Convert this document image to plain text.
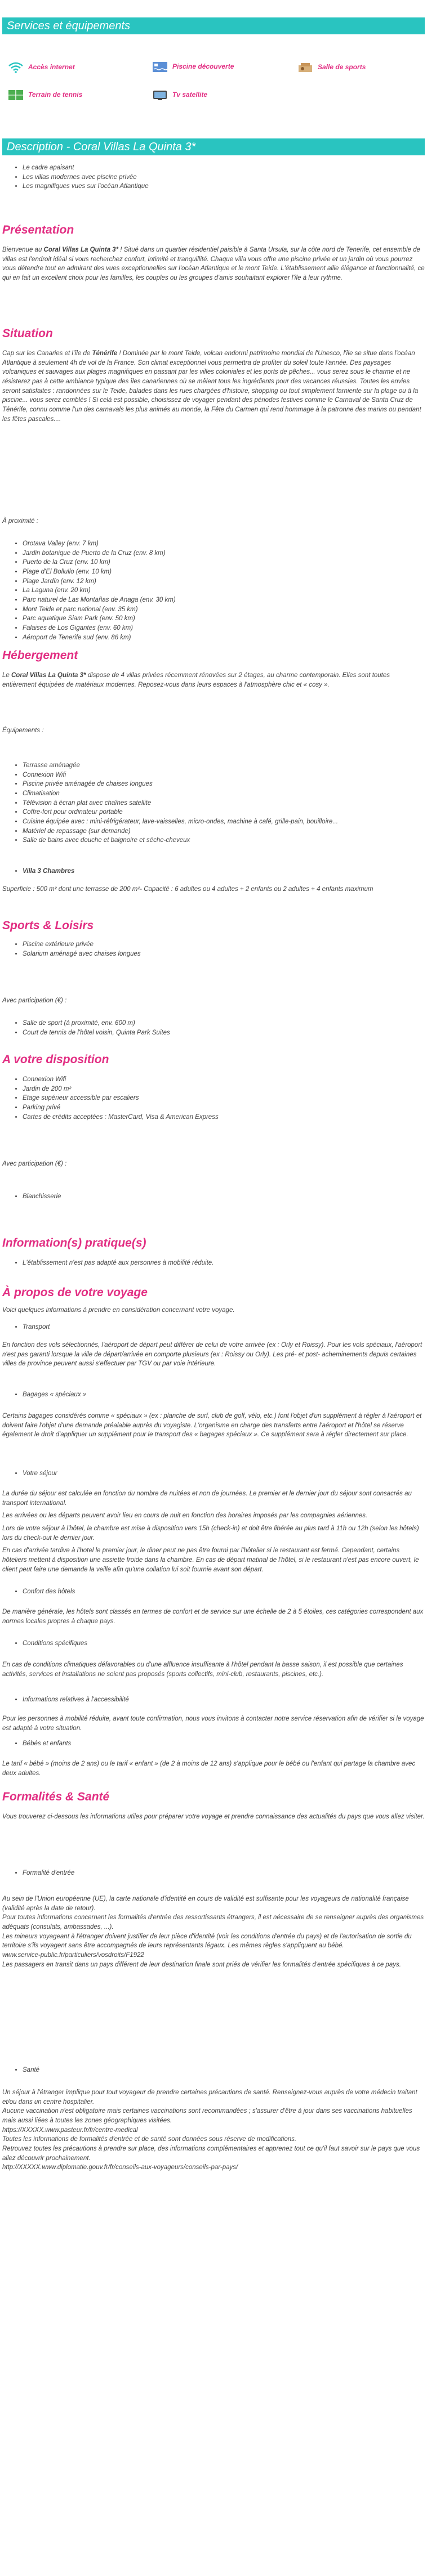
Services et équipements
Accès internet	Piscine découverte	Salle de sports
Terrain de tennis	Tv satellite
Description - Coral Villas La Quinta 3*
• Le cadre apaisant
• Les villas modernes avec piscine privée
• Les magnifiques vues sur l'océan Atlantique
Présentation

Bienvenue au Coral Villas La Quinta 3* ! Situé dans un quartier résidentiel paisible à Santa Ursula, sur la côte nord de Tenerife, cet ensemble de villas est l'endroit idéal si vous recherchez confort, intimité et tranquillité. Chaque villa vous offre une piscine privée et un jardin où vous pourrez vous détendre tout en admirant des vues exceptionnelles sur l'océan Atlantique et le mont Teide. L'établissement allie élégance et fonctionnalité, ce qui en fait un excellent choix pour les familles, les couples ou les groupes d'amis souhaitant explorer l'île à leur rythme.

Situation

Cap sur les Canaries et l'île de Ténérife ! Dominée par le mont Teide, volcan endormi patrimoine mondial de l'Unesco, l'île se situe dans l'océan Atlantique à seulement 4h de vol de la France. Son climat exceptionnel vous permettra de profiter du soleil toute l'année. Des paysages volcaniques et sauvages aux plages magnifiques en passant par les villes coloniales et les ports de pêches... vous serez sous le charme et ne résisterez pas à cette ambiance typique des îles canariennes où se mêlent tous les ingrédients pour des vacances réussies. Toutes les envies seront satisfaites : randonnées sur le Teide, balades dans les rues chargées d'histoire, shopping ou tout simplement farniente sur la plage ou à la piscine... vous serez comblés ! Si celà est possible, choisissez de voyager pendant des périodes festives comme le Carnaval de Santa Cruz de Ténérife, connu comme l'un des carnavals les plus animés au monde, la Fête du Carmen qui rend hommage à la patronne des marins ou pendant les fêtes pascales....

À proximité :
• Orotava Valley (env. 7 km)
• Jardin botanique de Puerto de la Cruz (env. 8 km)
• Puerto de la Cruz (env. 10 km)
• Plage d'El Bollullo (env. 10 km)
• Plage Jardín (env. 12 km)
• La Laguna (env. 20 km)
• Parc naturel de Las Montañas de Anaga (env. 30 km)
• Mont Teide et parc national (env. 35 km)
• Parc aquatique Siam Park (env. 50 km)
• Falaises de Los Gigantes (env. 60 km)
• Aéroport de Tenerife sud (env. 86 km)
Hébergement

Le Coral Villas La Quinta 3* dispose de 4 villas privées récemment rénovées sur 2 étages, au charme contemporain. Elles sont toutes entièrement équipées de matériaux modernes. Reposez-vous dans leurs espaces à l'atmosphère chic et « cosy ».

Équipements :
• Terrasse aménagée
• Connexion Wifi
• Piscine privée aménagée de chaises longues
• Climatisation
• Télévision à écran plat avec chaînes satellite
• Coffre-fort pour ordinateur portable
• Cuisine équipée avec : mini-réfrigérateur, lave-vaisselles, micro-ondes, machine à café, grille-pain, bouilloire...
• Matériel de repassage (sur demande)
• Salle de bains avec douche et baignoire et séche-cheveux
• Villa 3 Chambres
Superficie : 500 m² dont une terrasse de 200 m²- Capacité : 6 adultes ou 4 adultes + 2 enfants ou 2 adultes + 4 enfants maximum
Sports & Loisirs
• Piscine extérieure privée
• Solarium aménagé avec chaises longues
Avec participation (€) :
• Salle de sport (à proximité, env. 600 m)
• Court de tennis de l'hôtel voisin, Quinta Park Suites
A votre disposition
• Connexion Wifi
• Jardin de 200 m²
• Etage supérieur accessible par escaliers
• Parking privé
• Cartes de crédits acceptées : MasterCard, Visa & American Express
Avec participation (€) :
• Blanchisserie
Information(s) pratique(s)
• L'établissement n'est pas adapté aux personnes à mobilité réduite.
À propos de votre voyage
Voici quelques informations à prendre en considération concernant votre voyage.
• Transport
En fonction des vols sélectionnés, l'aéroport de départ peut différer de celui de votre arrivée (ex : Orly et Roissy). Pour les vols spéciaux, l'aéroport n'est pas garanti lorsque la ville de départ/arrivée en comporte plusieurs (ex : Roissy ou Orly). Les pré- et post- acheminements depuis certaines villes de province peuvent aussi s'effectuer par TGV ou par voie intérieure.
• Bagages « spéciaux »
Certains bagages considérés comme « spéciaux » (ex : planche de surf, club de golf, vélo, etc.) font l'objet d'un supplément à régler à l'aéroport et doivent faire l'objet d'une demande préalable auprès du voyagiste. L'organisme en charge des transferts entre l'aéroport et l'hôtel se réserve également le droit d'appliquer un supplément pour le transport des « bagages spéciaux ». Ce supplément sera à régler directement sur place.
• Votre séjour

La durée du séjour est calculée en fonction du nombre de nuitées et non de journées. Le premier et le dernier jour du séjour sont consacrés au transport international.

Les arrivées ou les départs peuvent avoir lieu en cours de nuit en fonction des horaires imposés par les compagnies aériennes.

Lors de votre séjour à l'hôtel, la chambre est mise à disposition vers 15h (check-in) et doit être libérée au plus tard à 11h ou 12h (selon les hôtels) lors du check-out le dernier jour.

En cas d'arrivée tardive à l'hotel le premier jour, le diner peut ne pas être fourni par l'hôtelier si le restaurant est fermé. Cependant, certains hôteliers mettent à disposition une assiette froide dans la chambre. En cas de départ matinal de l'hôtel, si le restaurant n'est pas encore ouvert, le client peut faire une demande la veille afin qu'une collation lui soit fournie avant son départ.

• Confort des hôtels
De manière générale, les hôtels sont classés en termes de confort et de service sur une échelle de 2 à 5 étoiles, ces catégories correspondent aux normes locales propres à chaque pays.
• Conditions spécifiques
En cas de conditions climatiques défavorables ou d'une affluence insuffisante à l'hôtel pendant la basse saison, il est possible que certaines activités, services et installations ne soient pas proposés (sports collectifs, mini-club, restaurants, piscines, etc.).
• Informations relatives à l'accessibilité
Pour les personnes à mobilité réduite, avant toute confirmation, nous vous invitons à contacter notre service réservation afin de vérifier si le voyage est adapté à votre situation.
• Bébés et enfants
Le tarif « bébé » (moins de 2 ans) ou le tarif « enfant » (de 2 à moins de 12 ans) s'applique pour le bébé ou l'enfant qui partage la chambre avec deux adultes.
Formalités & Santé
Vous trouverez ci-dessous les informations utiles pour préparer votre voyage et prendre connaissance des actualités du pays que vous allez visiter.
• Formalité d'entrée
Au sein de l'Union européenne (UE), la carte nationale d'identité en cours de validité est suffisante pour les voyageurs de nationalité française (validité après la date de retour).
Pour toutes informations concernant les formalités d'entrée des ressortissants étrangers, il est nécessaire de se renseigner auprès des organismes adéquats (consulats, ambassades, ...).
Les mineurs voyageant à l'étranger doivent justifier de leur pièce d'identité (voir les conditions d'entrée du pays) et de l'autorisation de sortie du territoire s'ils voyagent sans être accompagnés de leurs représentants légaux. Les mêmes règles s'appliquent au bébé.
www.service-public.fr/particuliers/vosdroits/F1922
Les passagers en transit dans un pays différent de leur destination finale sont priés de vérifier les formalités d'entrée spécifiques à ce pays.
• Santé
Un séjour à l'étranger implique pour tout voyageur de prendre certaines précautions de santé. Renseignez-vous auprès de votre médecin traitant et/ou dans un centre hospitalier.
Aucune vaccination n'est obligatoire mais certaines vaccinations sont recommandées ; s'assurer d'être à jour dans ses vaccinations habituelles mais aussi liées à toutes les zones géographiques visitées.
https://XXXXX.www.pasteur.fr/fr/centre-medical
Toutes les informations de formalités d'entrée et de santé sont données sous réserve de modifications.
Retrouvez toutes les précautions à prendre sur place, des informations complémentaires et apprenez tout ce qu'il faut savoir sur le pays que vous allez découvrir prochainement.
http://XXXXX.www.diplomatie.gouv.fr/fr/conseils-aux-voyageurs/conseils-par-pays/
